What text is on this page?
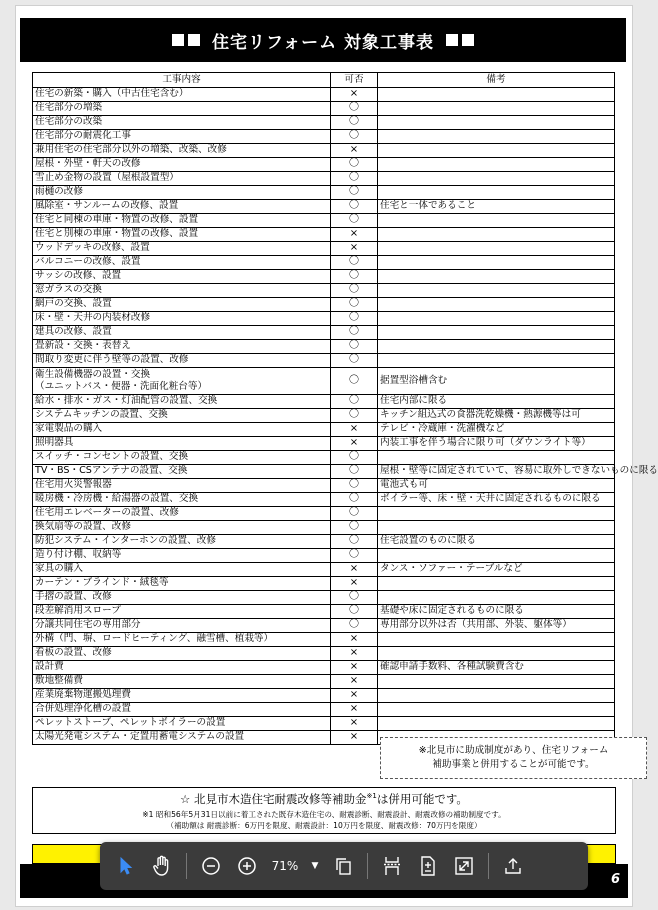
住宅リフォーム 対象工事表
工事内容	可否	備考

住宅の新築・購入（中古住宅含む）	×	

住宅部分の増築	〇	

住宅部分の改築	〇	

住宅部分の耐震化工事	〇	

兼用住宅の住宅部分以外の増築、改築、改修	×	

屋根・外壁・軒天の改修	〇	

雪止め金物の設置（屋根設置型）	〇	

雨樋の改修	〇	

風除室・サンルームの改修、設置	〇	住宅と一体であること

住宅と同棟の車庫・物置の改修、設置	〇	

住宅と別棟の車庫・物置の改修、設置	×	

ウッドデッキの改修、設置	×	

バルコニーの改修、設置	〇	

サッシの改修、設置	〇	

窓ガラスの交換	〇	

網戸の交換、設置	〇	

床・壁・天井の内装材改修	〇	

建具の改修、設置	〇	

畳新設・交換・表替え	〇	

間取り変更に伴う壁等の設置、改修	〇	

衛生設備機器の設置・交換
（ユニットバス・便器・洗面化粧台等）	〇	据置型浴槽含む

給水・排水・ガス・灯油配管の設置、交換	〇	住宅内部に限る

システムキッチンの設置、交換	〇	キッチン組込式の食器洗乾燥機・熱源機等は可

家電製品の購入	×	テレビ・冷蔵庫・洗濯機など

照明器具	×	内装工事を伴う場合に限り可（ダウンライト等）

スイッチ・コンセントの設置、交換	〇	

TV・BS・CSアンテナの設置、交換	〇	屋根・壁等に固定されていて、容易に取外しできないものに限る

住宅用火災警報器	〇	電池式も可

暖房機・冷房機・給湯器の設置、交換	〇	ボイラー等、床・壁・天井に固定されるものに限る

住宅用エレベーターの設置、改修	〇	

換気扇等の設置、改修	〇	

防犯システム・インターホンの設置、改修	〇	住宅設置のものに限る

造り付け棚、収納等	〇	

家具の購入	×	タンス・ソファー・テーブルなど

カーテン・ブラインド・絨毯等	×	

手摺の設置、改修	〇	

段差解消用スロープ	〇	基礎や床に固定されるものに限る

分譲共同住宅の専用部分	〇	専用部分以外は否（共用部、外装、躯体等）

外構（門、塀、ロードヒーティング、融雪槽、植栽等）	×	

看板の設置、改修	×	

設計費	×	確認申請手数料、各種試験費含む

敷地整備費	×	

産業廃棄物運搬処理費	×	

合併処理浄化槽の設置	×	

ペレットストーブ、ペレットボイラーの設置	×	

太陽光発電システム・定置用蓄電システムの設置	×	
※北見市に助成制度があり、住宅リフォーム
補助事業と併用することが可能です。
☆ 北見市木造住宅耐震改修等補助金$^{※1}$は併用可能です。
※1 昭和56年5月31日以前に着工された既存木造住宅の、耐震診断、耐震設計、耐震改修の補助制度です。
（補助額は 耐震診断：6万円を限度、耐震設計：10万円を限度、耐震改修：70万円を限度）
6
71%	▼
